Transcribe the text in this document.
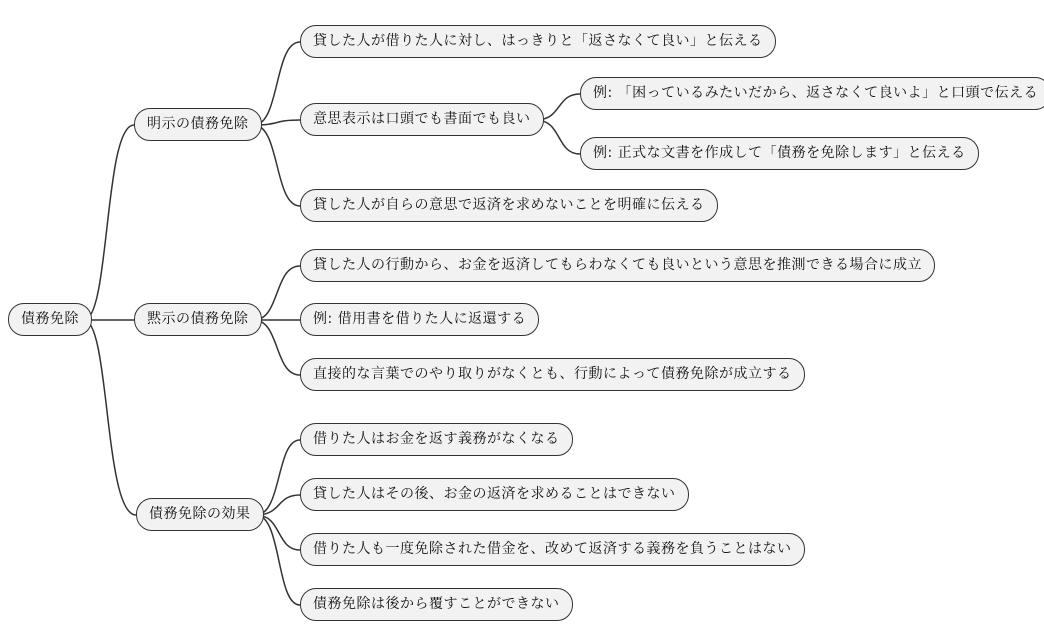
債務免除
明示の債務免除
黙示の債務免除
債務免除の効果
貸した人が借りた人に対し、はっきりと「返さなくて良い」と伝える
意思表示は口頭でも書面でも良い
例: 「困っているみたいだから、返さなくて良いよ」と口頭で伝える
例: 正式な文書を作成して「債務を免除します」と伝える
貸した人が自らの意思で返済を求めないことを明確に伝える
貸した人の行動から、お金を返済してもらわなくても良いという意思を推測できる場合に成立
例: 借用書を借りた人に返還する
直接的な言葉でのやり取りがなくとも、行動によって債務免除が成立する
借りた人はお金を返す義務がなくなる
貸した人はその後、お金の返済を求めることはできない
借りた人も一度免除された借金を、改めて返済する義務を負うことはない
債務免除は後から覆すことができない
